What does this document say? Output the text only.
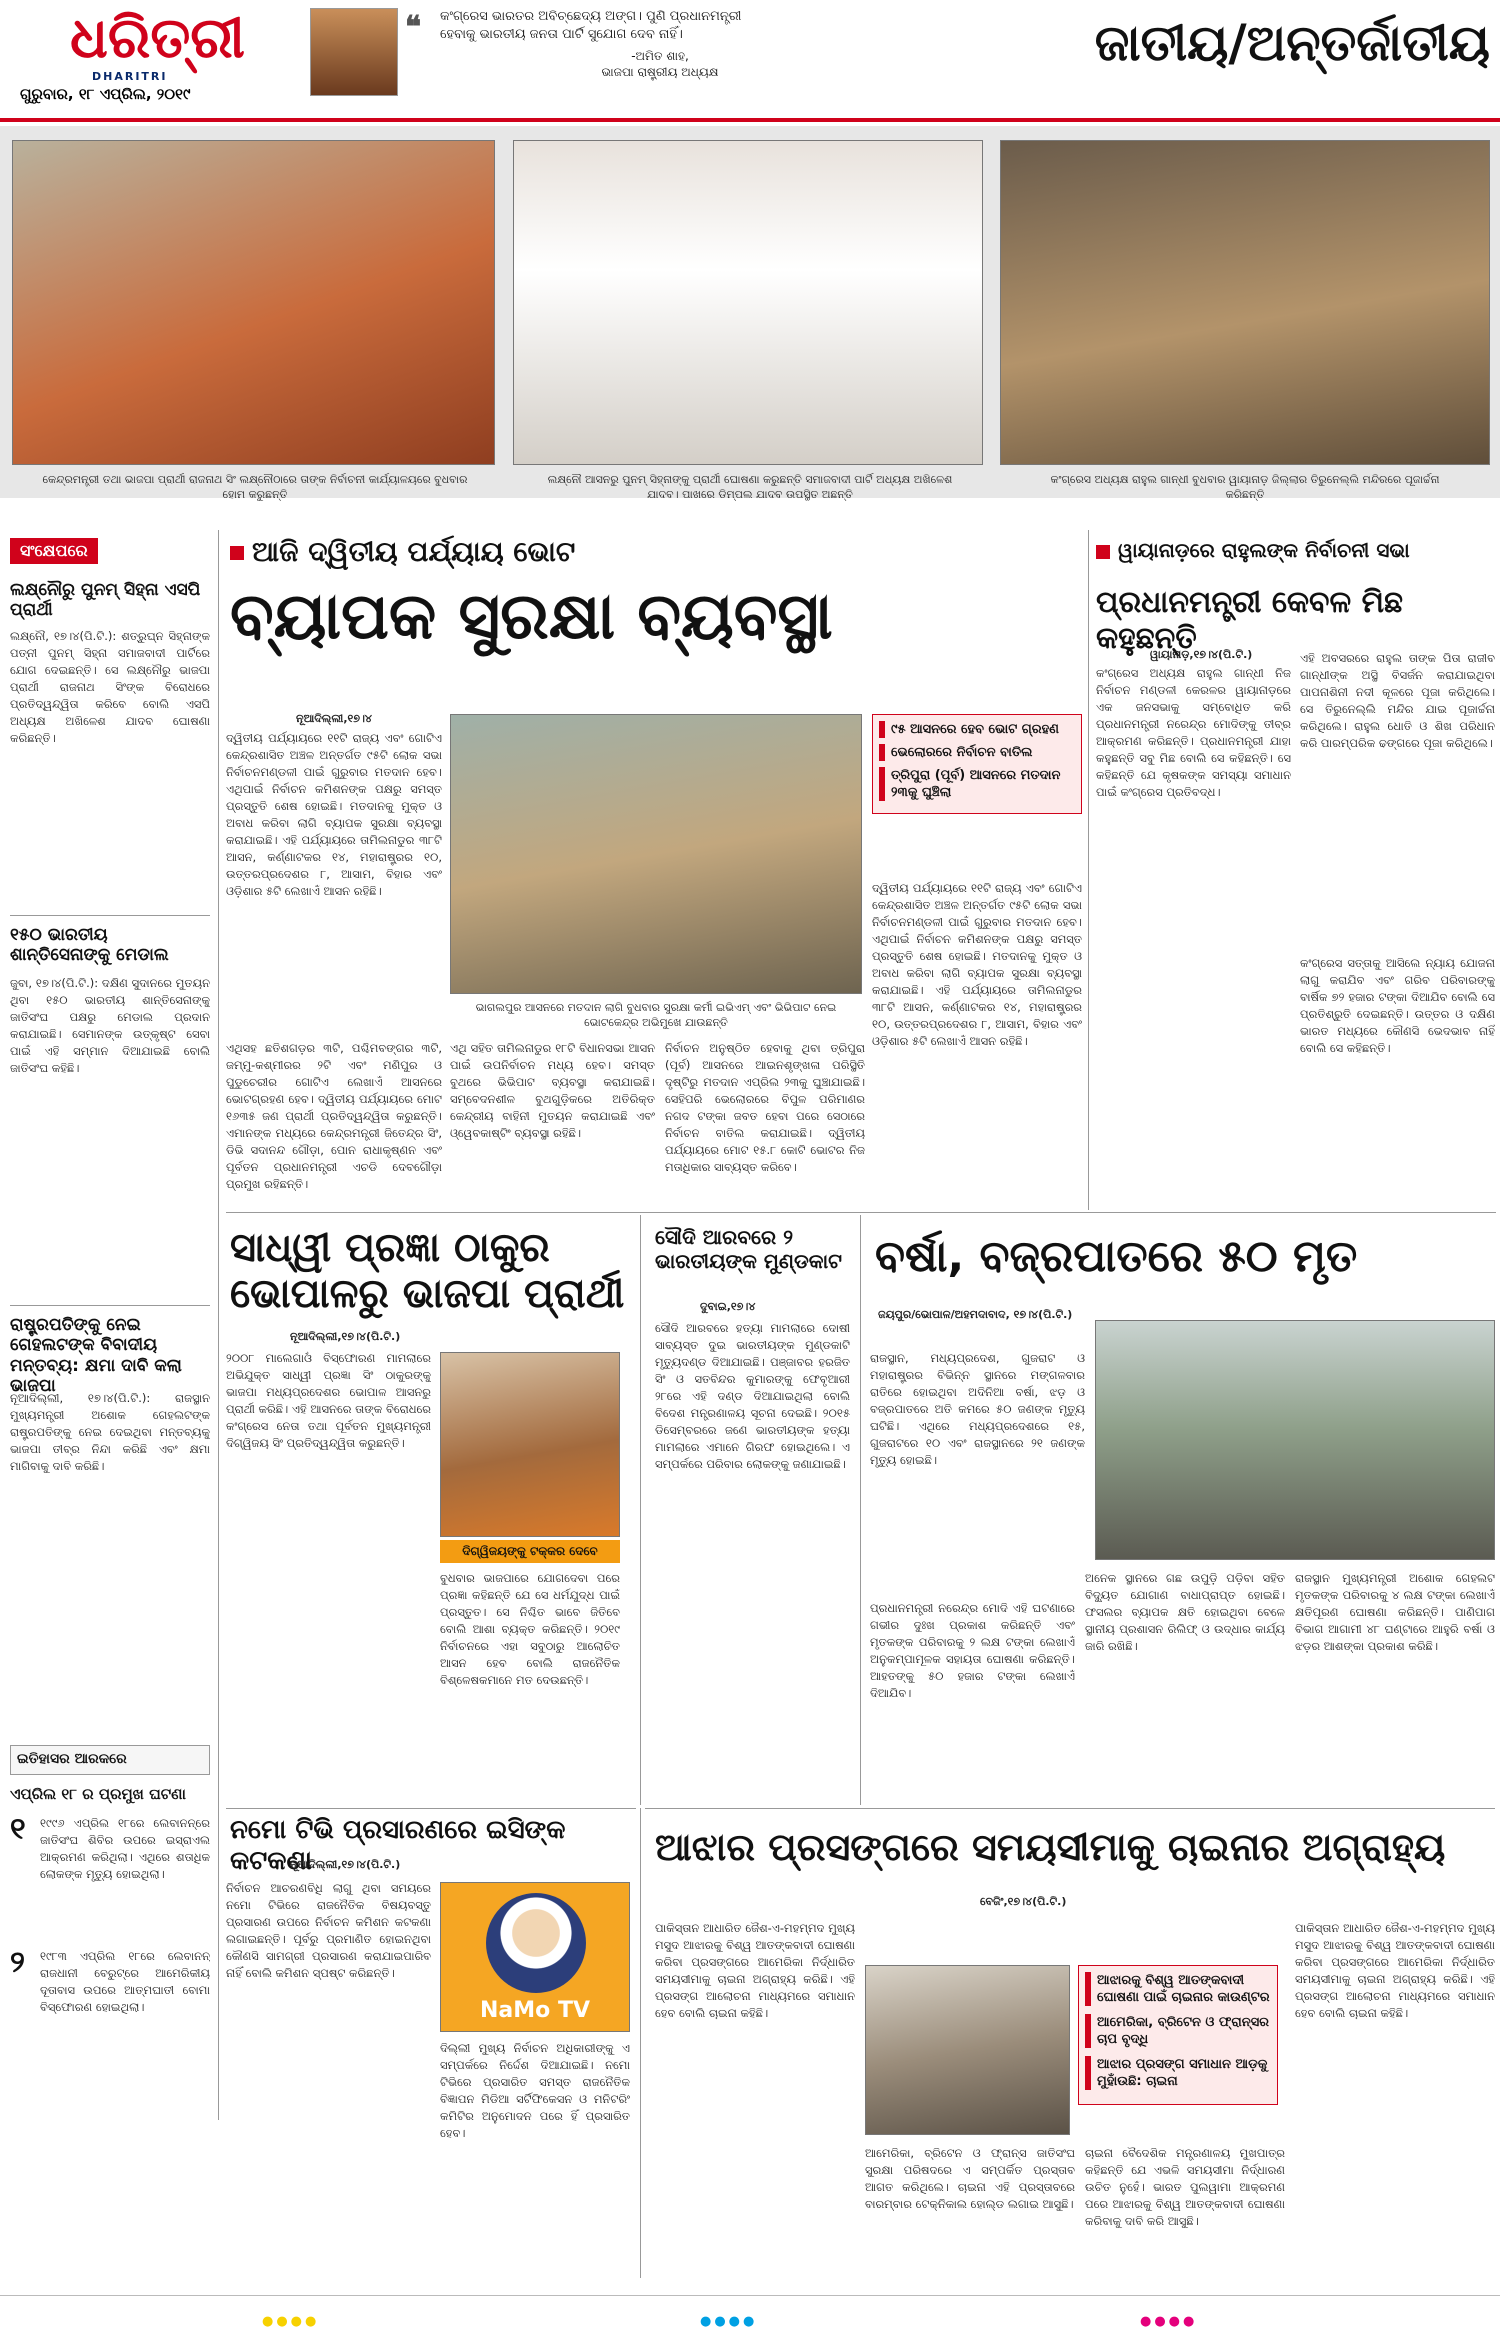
ଧରିତ୍ରୀ
DHARITRI
ଗୁରୁବାର, ୧୮ ଏପ୍ରିଲ, ୨୦୧୯
❝ କଂଗ୍ରେସ ଭାରତର ଅବିଚ୍ଛେଦ୍ୟ ଅଙ୍ଗ। ପୁଣି ପ୍ରଧାନମନ୍ତ୍ରୀ ହେବାକୁ ଭାରତୀୟ ଜନତା ପାର୍ଟି ସୁଯୋଗ ଦେବ ନାହିଁ।
-ଅମିତ ଶାହ,
ଭାଜପା ରାଷ୍ଟ୍ରୀୟ ଅଧ୍ୟକ୍ଷ	ଜାତୀୟ/ଅନ୍ତର୍ଜାତୀୟ
କେନ୍ଦ୍ରମନ୍ତ୍ରୀ ତଥା ଭାଜପା ପ୍ରାର୍ଥୀ ରାଜନାଥ ସିଂ ଲକ୍ଷ୍ନୌଠାରେ ତାଙ୍କ ନିର୍ବାଚନୀ କାର୍ଯ୍ୟାଳୟରେ ବୁଧବାର ହୋମ କରୁଛନ୍ତି
ଲକ୍ଷ୍ନୌ ଆସନରୁ ପୁନମ୍ ସିହ୍ନାଙ୍କୁ ପ୍ରାର୍ଥୀ ଘୋଷଣା କରୁଛନ୍ତି ସମାଜବାଦୀ ପାର୍ଟି ଅଧ୍ୟକ୍ଷ ଅଖିଳେଶ ଯାଦବ। ପାଖରେ ଡିମ୍ପଲ ଯାଦବ ଉପସ୍ଥିତ ଅଛନ୍ତି
କଂଗ୍ରେସ ଅଧ୍ୟକ୍ଷ ରାହୁଲ ଗାନ୍ଧୀ ବୁଧବାର ୱାୟାନାଡ଼ ଜିଲ୍ଲାର ତିରୁନେଲ୍ଲି ମନ୍ଦିରରେ ପୂଜାର୍ଚ୍ଚନା କରିଛନ୍ତି
ସଂକ୍ଷେପରେ
ଲକ୍ଷ୍ନୌରୁ ପୁନମ୍ ସିହ୍ନା ଏସପି ପ୍ରାର୍ଥୀ
ଲକ୍ଷ୍ନୌ, ୧୭।୪(ପି.ଟି.): ଶତ୍ରୁଘ୍ନ ସିହ୍ନାଙ୍କ ପତ୍ନୀ ପୁନମ୍ ସିହ୍ନା ସମାଜବାଦୀ ପାର୍ଟିରେ ଯୋଗ ଦେଇଛନ୍ତି। ସେ ଲକ୍ଷ୍ନୌରୁ ଭାଜପା ପ୍ରାର୍ଥୀ ରାଜନାଥ ସିଂଙ୍କ ବିରୋଧରେ ପ୍ରତିଦ୍ୱନ୍ଦ୍ୱିତା କରିବେ ବୋଲି ଏସପି ଅଧ୍ୟକ୍ଷ ଅଖିଳେଶ ଯାଦବ ଘୋଷଣା କରିଛନ୍ତି।
୧୫୦ ଭାରତୀୟ ଶାନ୍ତିସେନାଙ୍କୁ ମେଡାଲ
ଜୁବା, ୧୭।୪(ପି.ଟି.): ଦକ୍ଷିଣ ସୁଦାନରେ ମୁତୟନ ଥିବା ୧୫୦ ଭାରତୀୟ ଶାନ୍ତିସେନାଙ୍କୁ ଜାତିସଂଘ ପକ୍ଷରୁ ମେଡାଲ ପ୍ରଦାନ କରାଯାଇଛି। ସେମାନଙ୍କ ଉତ୍କୃଷ୍ଟ ସେବା ପାଇଁ ଏହି ସମ୍ମାନ ଦିଆଯାଇଛି ବୋଲି ଜାତିସଂଘ କହିଛି।
ରାଷ୍ଟ୍ରପତିଙ୍କୁ ନେଇ ଗେହଲଟଙ୍କ ବିବାଦୀୟ ମନ୍ତବ୍ୟ: କ୍ଷମା ଦାବି କଲା ଭାଜପା
ନୂଆଦିଲ୍ଲୀ, ୧୭।୪(ପି.ଟି.): ରାଜସ୍ଥାନ ମୁଖ୍ୟମନ୍ତ୍ରୀ ଅଶୋକ ଗେହଲଟଙ୍କ ରାଷ୍ଟ୍ରପତିଙ୍କୁ ନେଇ ଦେଇଥିବା ମନ୍ତବ୍ୟକୁ ଭାଜପା ତୀବ୍ର ନିନ୍ଦା କରିଛି ଏବଂ କ୍ଷମା ମାଗିବାକୁ ଦାବି କରିଛି।
ଇତିହାସର ଆରକରେ
ଏପ୍ରିଲ ୧୮ ର ପ୍ରମୁଖ ଘଟଣା
୧ ୧୯୯୬ ଏପ୍ରିଲ ୧୮ରେ ଲେବାନନ୍ରେ ଜାତିସଂଘ ଶିବିର ଉପରେ ଇସ୍ରାଏଲ ଆକ୍ରମଣ କରିଥିଲା। ଏଥିରେ ଶତାଧିକ ଲୋକଙ୍କ ମୃତ୍ୟୁ ହୋଇଥିଲା।
୨ ୧୯୮୩ ଏପ୍ରିଲ ୧୮ରେ ଲେବାନନ୍ ରାଜଧାନୀ ବେରୁଟ୍ରେ ଆମେରିକୀୟ ଦୂତାବାସ ଉପରେ ଆତ୍ମଘାତୀ ବୋମା ବିସ୍ଫୋରଣ ହୋଇଥିଲା।
ଆଜି ଦ୍ୱିତୀୟ ପର୍ଯ୍ୟାୟ ଭୋଟ
ବ୍ୟାପକ ସୁରକ୍ଷା ବ୍ୟବସ୍ଥା
ନୂଆଦିଲ୍ଲୀ,୧୭।୪
ଦ୍ୱିତୀୟ ପର୍ଯ୍ୟାୟରେ ୧୧ଟି ରାଜ୍ୟ ଏବଂ ଗୋଟିଏ କେନ୍ଦ୍ରଶାସିତ ଅଞ୍ଚଳ ଅନ୍ତର୍ଗତ ୯୫ଟି ଲୋକ ସଭା ନିର୍ବାଚନମଣ୍ଡଳୀ ପାଇଁ ଗୁରୁବାର ମତଦାନ ହେବ। ଏଥିପାଇଁ ନିର୍ବାଚନ କମିଶନଙ୍କ ପକ୍ଷରୁ ସମସ୍ତ ପ୍ରସ୍ତୁତି ଶେଷ ହୋଇଛି। ମତଦାନକୁ ମୁକ୍ତ ଓ ଅବାଧ କରିବା ଲାଗି ବ୍ୟାପକ ସୁରକ୍ଷା ବ୍ୟବସ୍ଥା କରାଯାଇଛି। ଏହି ପର୍ଯ୍ୟାୟରେ ତାମିଲନାଡୁର ୩୮ଟି ଆସନ, କର୍ଣ୍ଣାଟକର ୧୪, ମହାରାଷ୍ଟ୍ରର ୧୦, ଉତ୍ତରପ୍ରଦେଶର ୮, ଆସାମ, ବିହାର ଏବଂ ଓଡ଼ିଶାର ୫ଟି ଲେଖାଏଁ ଆସନ ରହିଛି।
ଭାଗଲପୁର ଆସନରେ ମତଦାନ ଲାଗି ବୁଧବାର ସୁରକ୍ଷା କର୍ମୀ ଇଭିଏମ୍ ଏବଂ ଭିଭିପାଟ ନେଇ ଭୋଟକେନ୍ଦ୍ର ଅଭିମୁଖେ ଯାଉଛନ୍ତି
୯୫ ଆସନରେ ହେବ ଭୋଟ ଗ୍ରହଣ
ଭେଲୋରରେ ନିର୍ବାଚନ ବାତିଲ
ତ୍ରିପୁରା (ପୂର୍ବ) ଆସନରେ ମତଦାନ ୨୩କୁ ଘୁଞ୍ଚିଲା
ଏଥିସହ ଛତିଶଗଡ଼ର ୩ଟି, ପଶ୍ଚିମବଙ୍ଗର ୩ଟି, ଜମ୍ମୁ-କଶ୍ମୀରର ୨ଟି ଏବଂ ମଣିପୁର ଓ ପୁଡୁଚେରୀର ଗୋଟିଏ ଲେଖାଏଁ ଆସନରେ ଭୋଟଗ୍ରହଣ ହେବ। ଦ୍ୱିତୀୟ ପର୍ଯ୍ୟାୟରେ ମୋଟ ୧୬୩୫ ଜଣ ପ୍ରାର୍ଥୀ ପ୍ରତିଦ୍ୱନ୍ଦ୍ୱିତା କରୁଛନ୍ତି। ଏମାନଙ୍କ ମଧ୍ୟରେ କେନ୍ଦ୍ରମନ୍ତ୍ରୀ ଜିତେନ୍ଦ୍ର ସିଂ, ଡିଭି ସଦାନନ୍ଦ ଗୌଡ଼ା, ପୋନ ରାଧାକୃଷ୍ଣନ ଏବଂ ପୂର୍ବତନ ପ୍ରଧାନମନ୍ତ୍ରୀ ଏଚଡି ଦେବଗୌଡ଼ା ପ୍ରମୁଖ ରହିଛନ୍ତି।
ଏଥି ସହିତ ତାମିଲନାଡୁର ୧୮ଟି ବିଧାନସଭା ଆସନ ପାଇଁ ଉପନିର୍ବାଚନ ମଧ୍ୟ ହେବ। ସମସ୍ତ ବୁଥରେ ଭିଭିପାଟ ବ୍ୟବସ୍ଥା କରାଯାଇଛି। ସମ୍ବେଦନଶୀଳ ବୁଥଗୁଡ଼ିକରେ ଅତିରିକ୍ତ କେନ୍ଦ୍ରୀୟ ବାହିନୀ ମୁତୟନ କରାଯାଇଛି ଏବଂ ଓ୍ୱେବକାଷ୍ଟିଂ ବ୍ୟବସ୍ଥା ରହିଛି।
ନିର୍ବାଚନ ଅନୁଷ୍ଠିତ ହେବାକୁ ଥିବା ତ୍ରିପୁରା (ପୂର୍ବ) ଆସନରେ ଆଇନଶୃଙ୍ଖଳା ପରିସ୍ଥିତି ଦୃଷ୍ଟିରୁ ମତଦାନ ଏପ୍ରିଲ ୨୩କୁ ଘୁଞ୍ଚାଯାଇଛି। ସେହିପରି ଭେଲୋରରେ ବିପୁଳ ପରିମାଣର ନଗଦ ଟଙ୍କା ଜବତ ହେବା ପରେ ସେଠାରେ ନିର୍ବାଚନ ବାତିଲ କରାଯାଇଛି। ଦ୍ୱିତୀୟ ପର୍ଯ୍ୟାୟରେ ମୋଟ ୧୫.୮ କୋଟି ଭୋଟର ନିଜ ମତାଧିକାର ସାବ୍ୟସ୍ତ କରିବେ।
ଦ୍ୱିତୀୟ ପର୍ଯ୍ୟାୟରେ ୧୧ଟି ରାଜ୍ୟ ଏବଂ ଗୋଟିଏ କେନ୍ଦ୍ରଶାସିତ ଅଞ୍ଚଳ ଅନ୍ତର୍ଗତ ୯୫ଟି ଲୋକ ସଭା ନିର୍ବାଚନମଣ୍ଡଳୀ ପାଇଁ ଗୁରୁବାର ମତଦାନ ହେବ। ଏଥିପାଇଁ ନିର୍ବାଚନ କମିଶନଙ୍କ ପକ୍ଷରୁ ସମସ୍ତ ପ୍ରସ୍ତୁତି ଶେଷ ହୋଇଛି। ମତଦାନକୁ ମୁକ୍ତ ଓ ଅବାଧ କରିବା ଲାଗି ବ୍ୟାପକ ସୁରକ୍ଷା ବ୍ୟବସ୍ଥା କରାଯାଇଛି। ଏହି ପର୍ଯ୍ୟାୟରେ ତାମିଲନାଡୁର ୩୮ଟି ଆସନ, କର୍ଣ୍ଣାଟକର ୧୪, ମହାରାଷ୍ଟ୍ରର ୧୦, ଉତ୍ତରପ୍ରଦେଶର ୮, ଆସାମ, ବିହାର ଏବଂ ଓଡ଼ିଶାର ୫ଟି ଲେଖାଏଁ ଆସନ ରହିଛି।
ୱାୟାନାଡ଼ରେ ରାହୁଲଙ୍କ ନିର୍ବାଚନୀ ସଭା
ପ୍ରଧାନମନ୍ତ୍ରୀ କେବଳ ମିଛ କହୁଛନ୍ତି
ୱାୟାନାଡ଼,୧୭।୪(ପି.ଟି.)
କଂଗ୍ରେସ ଅଧ୍ୟକ୍ଷ ରାହୁଲ ଗାନ୍ଧୀ ନିଜ ନିର୍ବାଚନ ମଣ୍ଡଳୀ କେରଳର ୱାୟାନାଡ଼ରେ ଏକ ଜନସଭାକୁ ସମ୍ବୋଧିତ କରି ପ୍ରଧାନମନ୍ତ୍ରୀ ନରେନ୍ଦ୍ର ମୋଦିଙ୍କୁ ତୀବ୍ର ଆକ୍ରମଣ କରିଛନ୍ତି। ପ୍ରଧାନମନ୍ତ୍ରୀ ଯାହା କହୁଛନ୍ତି ସବୁ ମିଛ ବୋଲି ସେ କହିଛନ୍ତି। ସେ କହିଛନ୍ତି ଯେ କୃଷକଙ୍କ ସମସ୍ୟା ସମାଧାନ ପାଇଁ କଂଗ୍ରେସ ପ୍ରତିବଦ୍ଧ।
ଏହି ଅବସରରେ ରାହୁଲ ତାଙ୍କ ପିତା ରାଜୀବ ଗାନ୍ଧୀଙ୍କ ଅସ୍ଥି ବିସର୍ଜନ କରାଯାଇଥିବା ପାପନାଶିନୀ ନଦୀ କୂଳରେ ପୂଜା କରିଥିଲେ। ସେ ତିରୁନେଲ୍ଲି ମନ୍ଦିର ଯାଇ ପୂଜାର୍ଚ୍ଚନା କରିଥିଲେ। ରାହୁଲ ଧୋତି ଓ ଶିଖ ପରିଧାନ କରି ପାରମ୍ପରିକ ଢଙ୍ଗରେ ପୂଜା କରିଥିଲେ।
କଂଗ୍ରେସ ସତ୍ତାକୁ ଆସିଲେ ନ୍ୟାୟ ଯୋଜନା ଲାଗୁ କରାଯିବ ଏବଂ ଗରିବ ପରିବାରଙ୍କୁ ବାର୍ଷିକ ୭୨ ହଜାର ଟଙ୍କା ଦିଆଯିବ ବୋଲି ସେ ପ୍ରତିଶ୍ରୁତି ଦେଇଛନ୍ତି। ଉତ୍ତର ଓ ଦକ୍ଷିଣ ଭାରତ ମଧ୍ୟରେ କୌଣସି ଭେଦଭାବ ନାହିଁ ବୋଲି ସେ କହିଛନ୍ତି।
ସାଧ୍ୱୀ ପ୍ରଜ୍ଞା ଠାକୁର ଭୋପାଳରୁ ଭାଜପା ପ୍ରାର୍ଥୀ
ନୂଆଦିଲ୍ଲୀ,୧୭।୪(ପି.ଟି.)
୨୦୦୮ ମାଲେଗାଓଁ ବିସ୍ଫୋରଣ ମାମଲାରେ ଅଭିଯୁକ୍ତ ସାଧ୍ୱୀ ପ୍ରଜ୍ଞା ସିଂ ଠାକୁରଙ୍କୁ ଭାଜପା ମଧ୍ୟପ୍ରଦେଶର ଭୋପାଳ ଆସନରୁ ପ୍ରାର୍ଥୀ କରିଛି। ଏହି ଆସନରେ ତାଙ୍କ ବିରୋଧରେ କଂଗ୍ରେସ ନେତା ତଥା ପୂର୍ବତନ ମୁଖ୍ୟମନ୍ତ୍ରୀ ଦିଗ୍ୱିଜୟ ସିଂ ପ୍ରତିଦ୍ୱନ୍ଦ୍ୱିତା କରୁଛନ୍ତି।
ଦିଗ୍ୱିଜୟଙ୍କୁ ଟକ୍କର ଦେବେ
ବୁଧବାର ଭାଜପାରେ ଯୋଗଦେବା ପରେ ପ୍ରଜ୍ଞା କହିଛନ୍ତି ଯେ ସେ ଧର୍ମଯୁଦ୍ଧ ପାଇଁ ପ୍ରସ୍ତୁତ। ସେ ନିଶ୍ଚିତ ଭାବେ ଜିତିବେ ବୋଲି ଆଶା ବ୍ୟକ୍ତ କରିଛନ୍ତି। ୨୦୧୯ ନିର୍ବାଚନରେ ଏହା ସବୁଠାରୁ ଆଲୋଚିତ ଆସନ ହେବ ବୋଲି ରାଜନୈତିକ ବିଶ୍ଳେଷକମାନେ ମତ ଦେଉଛନ୍ତି।
ସୌଦି ଆରବରେ ୨ ଭାରତୀୟଙ୍କ ମୁଣ୍ଡକାଟ
ଦୁବାଇ,୧୭।୪
ସୌଦି ଆରବରେ ହତ୍ୟା ମାମଲାରେ ଦୋଷୀ ସାବ୍ୟସ୍ତ ଦୁଇ ଭାରତୀୟଙ୍କ ମୁଣ୍ଡକାଟି ମୃତ୍ୟୁଦଣ୍ଡ ଦିଆଯାଇଛି। ପଞ୍ଜାବର ହରଜିତ ସିଂ ଓ ସତବିନ୍ଦର କୁମାରଙ୍କୁ ଫେବୃଆରୀ ୨୮ରେ ଏହି ଦଣ୍ଡ ଦିଆଯାଇଥିଲା ବୋଲି ବିଦେଶ ମନ୍ତ୍ରଣାଳୟ ସୂଚନା ଦେଇଛି। ୨୦୧୫ ଡିସେମ୍ବରରେ ଜଣେ ଭାରତୀୟଙ୍କ ହତ୍ୟା ମାମଲାରେ ଏମାନେ ଗିରଫ ହୋଇଥିଲେ। ଏ ସମ୍ପର୍କରେ ପରିବାର ଲୋକଙ୍କୁ ଜଣାଯାଇଛି।
ବର୍ଷା, ବଜ୍ରପାତରେ ୫୦ ମୃତ
ଜୟପୁର/ଭୋପାଳ/ଅହମଦାବାଦ, ୧୭।୪(ପି.ଟି.)
ରାଜସ୍ଥାନ, ମଧ୍ୟପ୍ରଦେଶ, ଗୁଜରାଟ ଓ ମହାରାଷ୍ଟ୍ରର ବିଭିନ୍ନ ସ୍ଥାନରେ ମଙ୍ଗଳବାର ରାତିରେ ହୋଇଥିବା ଅଦିନିଆ ବର୍ଷା, ଝଡ଼ ଓ ବଜ୍ରପାତରେ ଅତି କମରେ ୫୦ ଜଣଙ୍କ ମୃତ୍ୟୁ ଘଟିଛି। ଏଥିରେ ମଧ୍ୟପ୍ରଦେଶରେ ୧୫, ଗୁଜରାଟରେ ୧୦ ଏବଂ ରାଜସ୍ଥାନରେ ୨୧ ଜଣଙ୍କ ମୃତ୍ୟୁ ହୋଇଛି।
ପ୍ରଧାନମନ୍ତ୍ରୀ ନରେନ୍ଦ୍ର ମୋଦି ଏହି ଘଟଣାରେ ଗଭୀର ଦୁଃଖ ପ୍ରକାଶ କରିଛନ୍ତି ଏବଂ ମୃତକଙ୍କ ପରିବାରକୁ ୨ ଲକ୍ଷ ଟଙ୍କା ଲେଖାଏଁ ଅନୁକମ୍ପାମୂଳକ ସହାୟତା ଘୋଷଣା କରିଛନ୍ତି। ଆହତଙ୍କୁ ୫୦ ହଜାର ଟଙ୍କା ଲେଖାଏଁ ଦିଆଯିବ।
ଅନେକ ସ୍ଥାନରେ ଗଛ ଉପୁଡ଼ି ପଡ଼ିବା ସହିତ ବିଦ୍ୟୁତ ଯୋଗାଣ ବାଧାପ୍ରାପ୍ତ ହୋଇଛି। ଫସଲର ବ୍ୟାପକ କ୍ଷତି ହୋଇଥିବା ବେଳେ ସ୍ଥାନୀୟ ପ୍ରଶାସନ ରିଲିଫ୍ ଓ ଉଦ୍ଧାର କାର୍ଯ୍ୟ ଜାରି ରଖିଛି।
ରାଜସ୍ଥାନ ମୁଖ୍ୟମନ୍ତ୍ରୀ ଅଶୋକ ଗେହଲଟ ମୃତକଙ୍କ ପରିବାରକୁ ୪ ଲକ୍ଷ ଟଙ୍କା ଲେଖାଏଁ କ୍ଷତିପୂରଣ ଘୋଷଣା କରିଛନ୍ତି। ପାଣିପାଗ ବିଭାଗ ଆଗାମୀ ୪୮ ଘଣ୍ଟାରେ ଆହୁରି ବର୍ଷା ଓ ଝଡ଼ର ଆଶଙ୍କା ପ୍ରକାଶ କରିଛି।
ନମୋ ଟିଭି ପ୍ରସାରଣରେ ଇସିଙ୍କ କଟକଣା
ନୂଆଦିଲ୍ଲୀ,୧୭।୪(ପି.ଟି.)
ନିର୍ବାଚନ ଆଚରଣବିଧି ଲାଗୁ ଥିବା ସମୟରେ ନମୋ ଟିଭିରେ ରାଜନୈତିକ ବିଷୟବସ୍ତୁ ପ୍ରସାରଣ ଉପରେ ନିର୍ବାଚନ କମିଶନ କଟକଣା ଲଗାଇଛନ୍ତି। ପୂର୍ବରୁ ପ୍ରମାଣିତ ହୋଇନଥିବା କୌଣସି ସାମଗ୍ରୀ ପ୍ରସାରଣ କରାଯାଇପାରିବ ନାହିଁ ବୋଲି କମିଶନ ସ୍ପଷ୍ଟ କରିଛନ୍ତି।
NaMo TV
ଦିଲ୍ଲୀ ମୁଖ୍ୟ ନିର୍ବାଚନ ଅଧିକାରୀଙ୍କୁ ଏ ସମ୍ପର୍କରେ ନିର୍ଦ୍ଦେଶ ଦିଆଯାଇଛି। ନମୋ ଟିଭିରେ ପ୍ରସାରିତ ସମସ୍ତ ରାଜନୈତିକ ବିଜ୍ଞାପନ ମିଡିଆ ସର୍ଟିଫିକେସନ ଓ ମନିଟରିଂ କମିଟିର ଅନୁମୋଦନ ପରେ ହିଁ ପ୍ରସାରିତ ହେବ।
ଆଝାର ପ୍ରସଙ୍ଗରେ ସମୟସୀମାକୁ ଚାଇନାର ଅଗ୍ରାହ୍ୟ
ବେଜିଂ,୧୭।୪(ପି.ଟି.)
ପାକିସ୍ତାନ ଆଧାରିତ ଜୈଶ-ଏ-ମହମ୍ମଦ ମୁଖ୍ୟ ମସୁଦ ଆଝାରକୁ ବିଶ୍ୱ ଆତଙ୍କବାଦୀ ଘୋଷଣା କରିବା ପ୍ରସଙ୍ଗରେ ଆମେରିକା ନିର୍ଦ୍ଧାରିତ ସମୟସୀମାକୁ ଚାଇନା ଅଗ୍ରାହ୍ୟ କରିଛି। ଏହି ପ୍ରସଙ୍ଗ ଆଲୋଚନା ମାଧ୍ୟମରେ ସମାଧାନ ହେବ ବୋଲି ଚାଇନା କହିଛି।
ଆଝାରକୁ ବିଶ୍ୱ ଆତଙ୍କବାଦୀ ଘୋଷଣା ପାଇଁ ଚାଇନାର କାଉଣ୍ଟର
ଆମେରିକା, ବ୍ରିଟେନ ଓ ଫ୍ରାନ୍ସର ଚାପ ବୃଦ୍ଧି
ଆଝାର ପ୍ରସଙ୍ଗ ସମାଧାନ ଆଡ଼କୁ ମୁହାଁଉଛି: ଚାଇନା
ଆମେରିକା, ବ୍ରିଟେନ ଓ ଫ୍ରାନ୍ସ ଜାତିସଂଘ ସୁରକ୍ଷା ପରିଷଦରେ ଏ ସମ୍ପର୍କିତ ପ୍ରସ୍ତାବ ଆଗତ କରିଥିଲେ। ଚାଇନା ଏହି ପ୍ରସ୍ତାବରେ ବାରମ୍ବାର ଟେକ୍ନିକାଲ ହୋଲ୍ଡ ଲଗାଇ ଆସୁଛି।
ଚାଇନା ବୈଦେଶିକ ମନ୍ତ୍ରଣାଳୟ ମୁଖପାତ୍ର କହିଛନ୍ତି ଯେ ଏଭଳି ସମୟସୀମା ନିର୍ଦ୍ଧାରଣ ଉଚିତ ନୁହେଁ। ଭାରତ ପୁଲୱାମା ଆକ୍ରମଣ ପରେ ଆଝାରକୁ ବିଶ୍ୱ ଆତଙ୍କବାଦୀ ଘୋଷଣା କରିବାକୁ ଦାବି କରି ଆସୁଛି।
ପାକିସ୍ତାନ ଆଧାରିତ ଜୈଶ-ଏ-ମହମ୍ମଦ ମୁଖ୍ୟ ମସୁଦ ଆଝାରକୁ ବିଶ୍ୱ ଆତଙ୍କବାଦୀ ଘୋଷଣା କରିବା ପ୍ରସଙ୍ଗରେ ଆମେରିକା ନିର୍ଦ୍ଧାରିତ ସମୟସୀମାକୁ ଚାଇନା ଅଗ୍ରାହ୍ୟ କରିଛି। ଏହି ପ୍ରସଙ୍ଗ ଆଲୋଚନା ମାଧ୍ୟମରେ ସମାଧାନ ହେବ ବୋଲି ଚାଇନା କହିଛି।
●●●●	●●●●	●●●●
